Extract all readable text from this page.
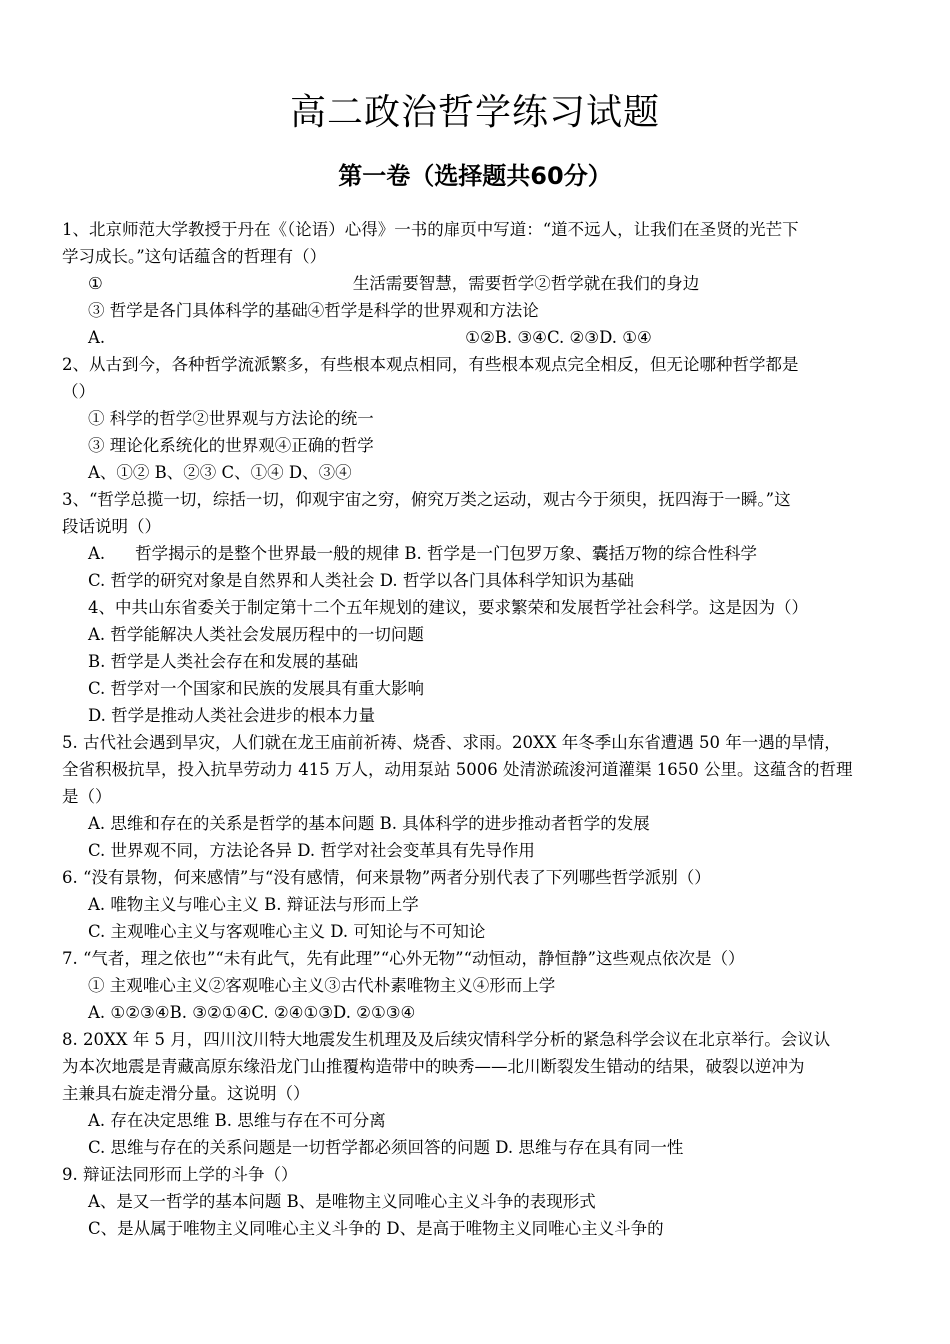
高二政治哲学练习试题
第一卷（选择题共60分）
1、北京师范大学教授于丹在《（论语）心得》一书的扉页中写道：“道不远人，让我们在圣贤的光芒下
学习成长。”这句话蕴含的哲理有（）
①	生活需要智慧，需要哲学②哲学就在我们的身边
③ 哲学是各门具体科学的基础④哲学是科学的世界观和方法论
A.	①②B. ③④C. ②③D. ①④
2、从古到今，各种哲学流派繁多，有些根本观点相同，有些根本观点完全相反，但无论哪种哲学都是
（）
① 科学的哲学②世界观与方法论的统一
③ 理论化系统化的世界观④正确的哲学
A、①② B、②③ C、①④ D、③④
3、“哲学总揽一切，综括一切，仰观宇宙之穷，俯究万类之运动，观古今于须臾，抚四海于一瞬。”这
段话说明（）
A. 哲学揭示的是整个世界最一般的规律 B. 哲学是一门包罗万象、囊括万物的综合性科学
C. 哲学的研究对象是自然界和人类社会 D. 哲学以各门具体科学知识为基础
4、中共山东省委关于制定第十二个五年规划的建议，要求繁荣和发展哲学社会科学。这是因为（）
A. 哲学能解决人类社会发展历程中的一切问题
B. 哲学是人类社会存在和发展的基础
C. 哲学对一个国家和民族的发展具有重大影响
D. 哲学是推动人类社会进步的根本力量
5. 古代社会遇到旱灾，人们就在龙王庙前祈祷、烧香、求雨。20XX 年冬季山东省遭遇 50 年一遇的旱情，
全省积极抗旱，投入抗旱劳动力 415 万人，动用泵站 5006 处清淤疏浚河道灌渠 1650 公里。这蕴含的哲理
是（）
A. 思维和存在的关系是哲学的基本问题 B. 具体科学的进步推动者哲学的发展
C. 世界观不同，方法论各异 D. 哲学对社会变革具有先导作用
6. “没有景物，何来感情”与“没有感情，何来景物”两者分别代表了下列哪些哲学派别（）
A. 唯物主义与唯心主义 B. 辩证法与形而上学
C. 主观唯心主义与客观唯心主义 D. 可知论与不可知论
7. “气者，理之依也”“未有此气，先有此理”“心外无物”“动恒动，静恒静”这些观点依次是（）
① 主观唯心主义②客观唯心主义③古代朴素唯物主义④形而上学
A. ①②③④B. ③②①④C. ②④①③D. ②①③④
8. 20XX 年 5 月，四川汶川特大地震发生机理及及后续灾情科学分析的紧急科学会议在北京举行。会议认
为本次地震是青藏高原东缘沿龙门山推覆构造带中的映秀——北川断裂发生错动的结果，破裂以逆冲为
主兼具右旋走滑分量。这说明（）
A. 存在决定思维 B. 思维与存在不可分离
C. 思维与存在的关系问题是一切哲学都必须回答的问题 D. 思维与存在具有同一性
9. 辩证法同形而上学的斗争（）
A、是又一哲学的基本问题 B、是唯物主义同唯心主义斗争的表现形式
C、是从属于唯物主义同唯心主义斗争的 D、是高于唯物主义同唯心主义斗争的
